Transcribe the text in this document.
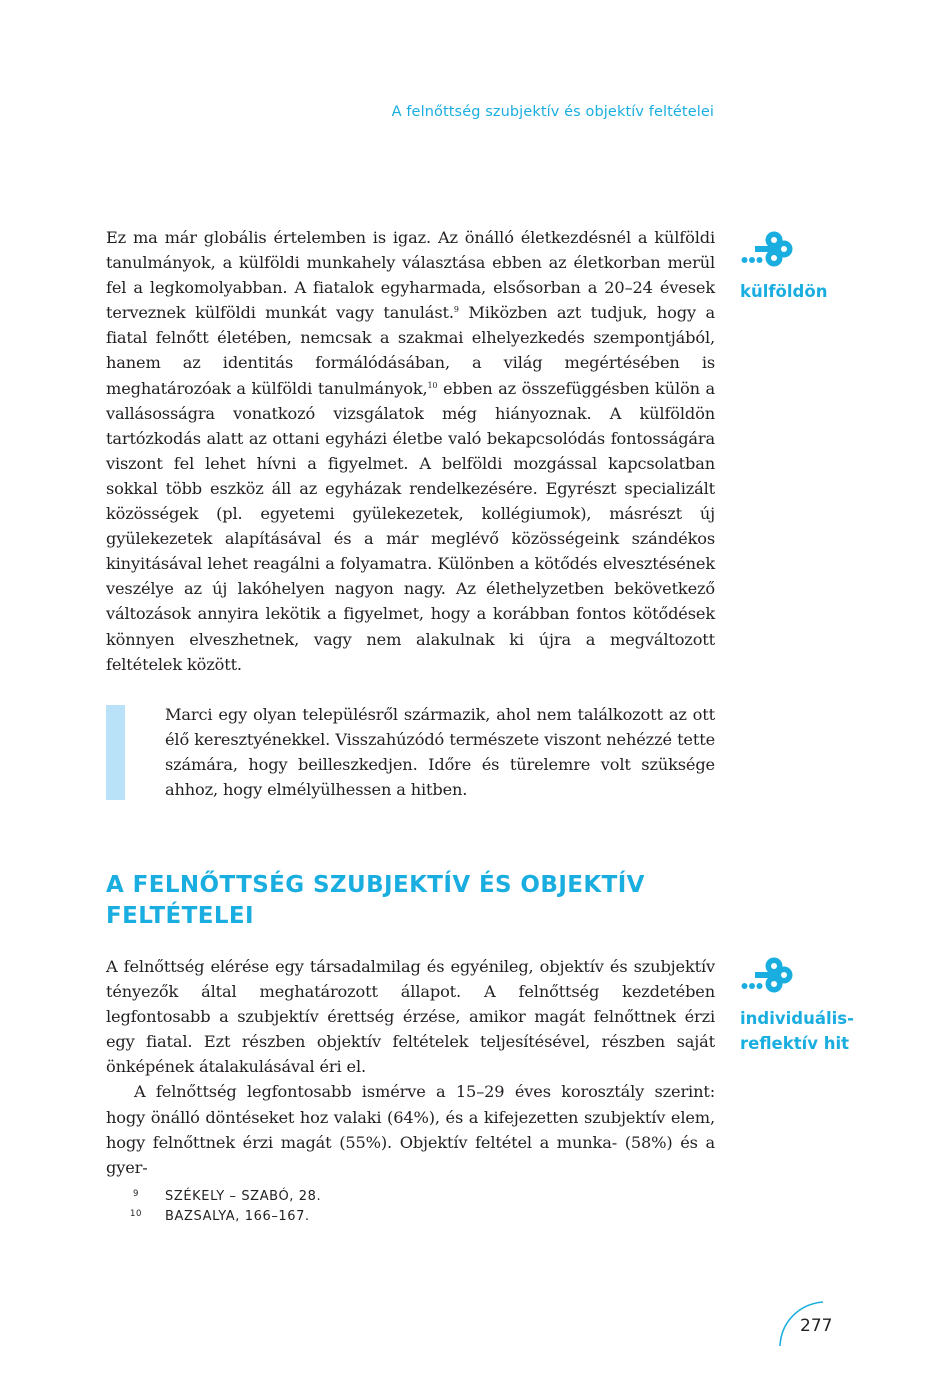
A felnőttség szubjektív és objektív feltételei

Ez ma már globális értelemben is igaz. Az önálló életkezdésnél a külföldi tanulmányok, a külföldi munkahely választása ebben az életkorban merül fel a legkomolyabban. A fiatalok egyharmada, elsősorban a 20–24 évesek terveznek külföldi munkát vagy tanulást.$^9$ Miközben azt tudjuk, hogy a fiatal felnőtt életében, nemcsak a szakmai elhelyezkedés szempontjából, hanem az identitás formálódásában, a világ megértésében is meghatározóak a külföldi tanulmányok,$^{10}$ ebben az összefüggésben külön a vallásosságra vonatkozó vizsgálatok még hiányoznak. A külföldön tartózkodás alatt az ottani egyházi életbe való bekapcsolódás fontosságára viszont fel lehet hívni a figyelmet. A belföldi mozgással kapcsolatban sokkal több eszköz áll az egyházak rendelkezésére. Egyrészt specializált közösségek (pl. egyetemi gyülekezetek, kollégiumok), másrészt új gyülekezetek alapításával és a már meglévő közösségeink szándékos kinyitásával lehet reagálni a folyamatra. Különben a kötődés elvesztésének veszélye az új lakóhelyen nagyon nagy. Az élethelyzetben bekövetkező változások annyira lekötik a figyelmet, hogy a korábban fontos kötődések könnyen elveszhetnek, vagy nem alakulnak ki újra a megváltozott feltételek között.

külföldön
Marci egy olyan településről származik, ahol nem találkozott az ott élő keresztyénekkel. Visszahúzódó természete viszont nehézzé tette számára, hogy beilleszkedjen. Időre és türelemre volt szüksége ahhoz, hogy elmélyülhessen a hitben.
A FELNŐTTSÉG SZUBJEKTÍV ÉS OBJEKTÍV FELTÉTELEI

A felnőttség elérése egy társadalmilag és egyénileg, objektív és szubjektív tényezők által meghatározott állapot. A felnőttség kezdetében legfontosabb a szubjektív érettség érzése, amikor magát felnőttnek érzi egy fiatal. Ezt részben objektív feltételek teljesítésével, részben saját önképének átalakulásával éri el.

A felnőttség legfontosabb ismérve a 15–29 éves korosztály szerint: hogy önálló döntéseket hoz valaki (64%), és a kifejezetten szubjektív elem, hogy felnőttnek érzi magát (55%). Objektív feltétel a munka- (58%) és a gyer-

individuális-
reflektív hit
9	SZÉKELY – SZABÓ, 28.
10	BAZSALYA, 166–167.
277
